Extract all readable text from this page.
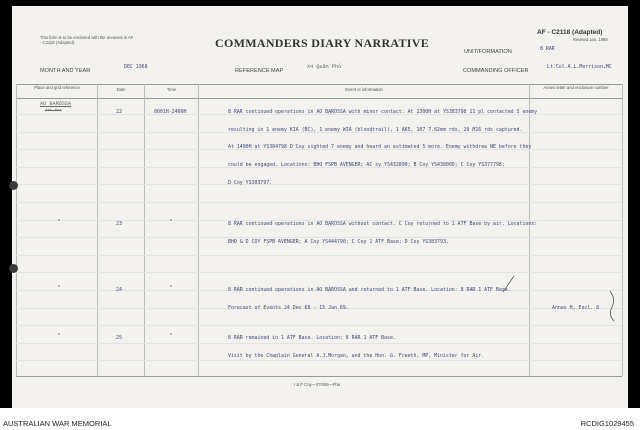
This form is to be enclosed with the annexes in AF - C2119 (Adapted).	COMMANDERS DIARY NARRATIVE
AF - C2118 (Adapted)
Revised Jan, 1968
UNIT/FORMATION	8 RAR
MONTH AND YEAR
DEC 1968
REFERENCE MAP
X4 Quân Phủ
COMMANDING OFFICER
Lt.Col.A.L.Morrison,MC
Place and grid reference	Date	Time	Event or information	Annex letter and enclosure number
AO BAROSSA
Aft Sst	22	0001H-2400H	8 RAR continued operations in AO BAROSSA with minor contact. At 1300H at YS383798 11 pl contacted 3 enemy
resulting in 1 enemy KIA (BC), 1 enemy WIA (bloodtrail), 1 AK5, 107 7.62mm rds, 20 M16 rds captured.
At 1400H at YS384798 D Coy sighted 7 enemy and heard an estimated 5 more. Enemy withdrew NE before they
could be engaged. Locations: BHQ FSPB AVENGER; AC sy YS432890; B Coy YS438000; C Coy YS377798;
D Coy YS383797.
"	23	"	8 RAR continued operations in AO BAROSSA without contact. C Coy returned to 1 ATF Base by air. Locations:
BHQ & D COY FSPB AVENGER; A Coy YS444790; C Coy 1 ATF Base; D Coy YS383793.
"	24	"	8 RAR continued operations in AO BAROSSA and returned to 1 ATF Base. Location: 8 RAR 1 ATF Base.
Forecast of Events 24 Dec 68 - 15 Jan 69.	Annex H, Encl. 8
"	25	"	8 RAR remained in 1 ATF Base. Location: 8 RAR 1 ATF Base.
Visit by the Chaplain General A.J.Morgan, and the Hon. G. Freeth, MP, Minister for Air.
I & P Coy—370/65—Fha
AUSTRALIAN WAR MEMORIAL	RCDIG1029455
